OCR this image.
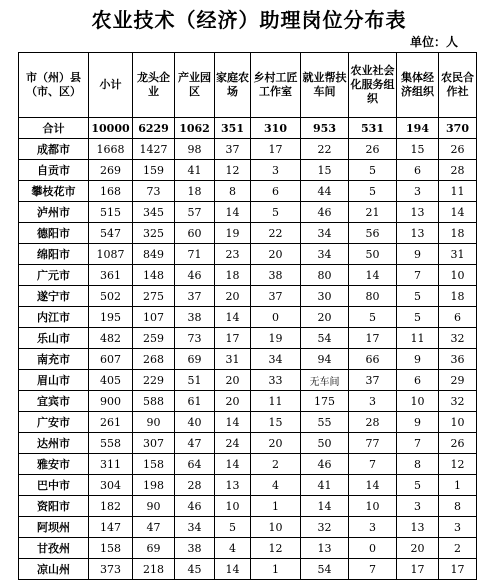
农业技术（经济）助理岗位分布表
单位：人
市（州）县（市、区）	小计	龙头企业	产业园区	家庭农场	乡村工匠工作室	就业帮扶车间	农业社会化服务组织	集体经济组织	农民合作社
合计	10000	6229	1062	351	310	953	531	194	370
成都市	1668	1427	98	37	17	22	26	15	26
自贡市	269	159	41	12	3	15	5	6	28
攀枝花市	168	73	18	8	6	44	5	3	11
泸州市	515	345	57	14	5	46	21	13	14
德阳市	547	325	60	19	22	34	56	13	18
绵阳市	1087	849	71	23	20	34	50	9	31
广元市	361	148	46	18	38	80	14	7	10
遂宁市	502	275	37	20	37	30	80	5	18
内江市	195	107	38	14	0	20	5	5	6
乐山市	482	259	73	17	19	54	17	11	32
南充市	607	268	69	31	34	94	66	9	36
眉山市	405	229	51	20	33	无车间	37	6	29
宜宾市	900	588	61	20	11	175	3	10	32
广安市	261	90	40	14	15	55	28	9	10
达州市	558	307	47	24	20	50	77	7	26
雅安市	311	158	64	14	2	46	7	8	12
巴中市	304	198	28	13	4	41	14	5	1
资阳市	182	90	46	10	1	14	10	3	8
阿坝州	147	47	34	5	10	32	3	13	3
甘孜州	158	69	38	4	12	13	0	20	2
凉山州	373	218	45	14	1	54	7	17	17
